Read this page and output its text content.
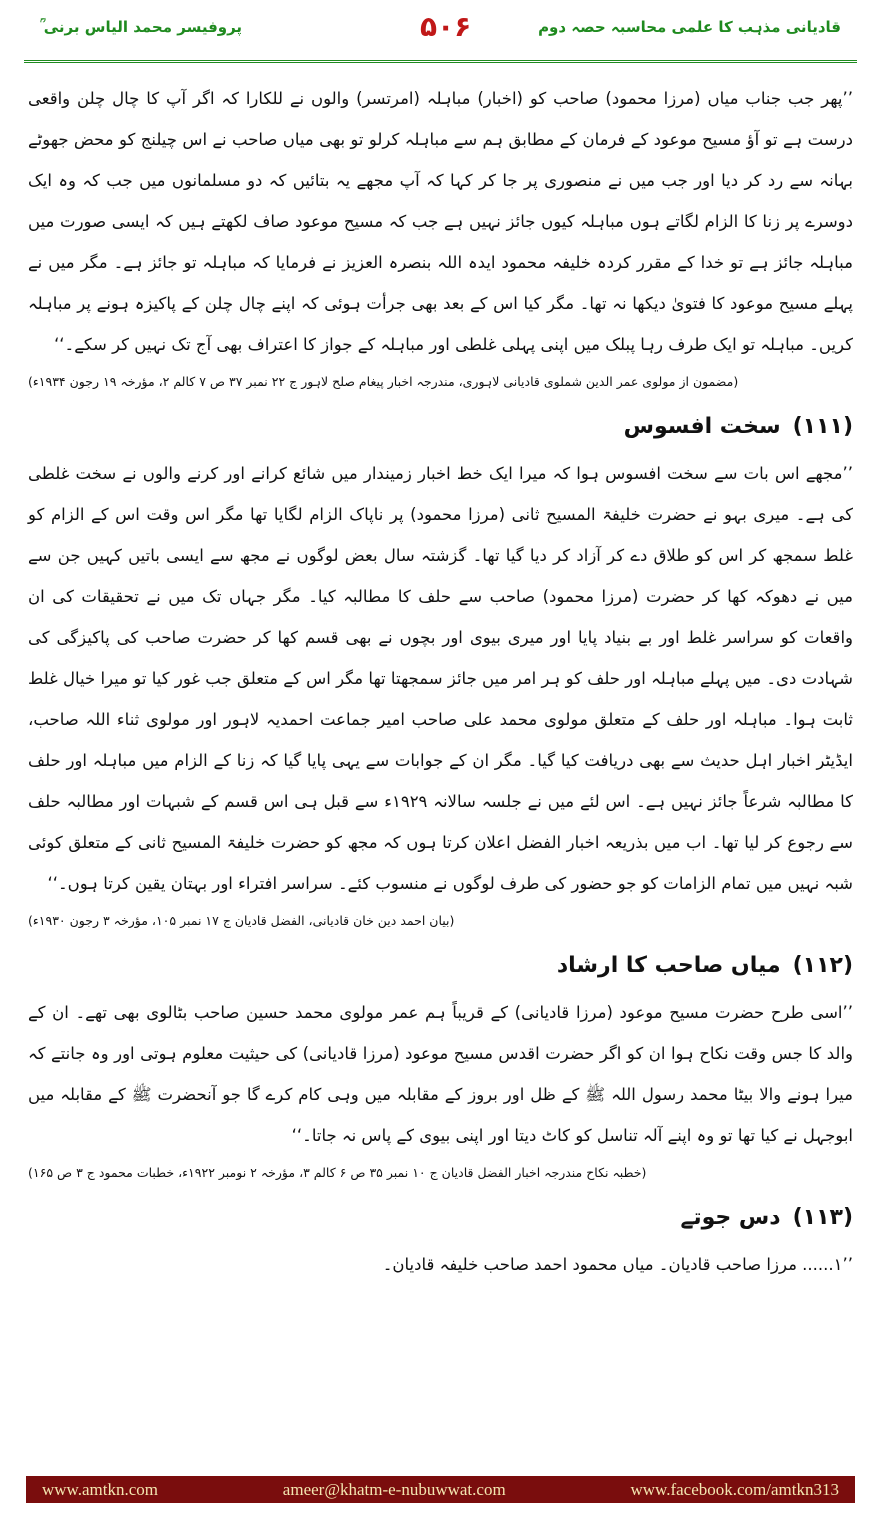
قادیانی مذہب کا علمی محاسبہ حصہ دوم
۵۰۶
پروفیسر محمد الیاس برنی ؒ

’’پھر جب جناب میاں (مرزا محمود) صاحب کو (اخبار) مباہلہ (امرتسر) والوں نے للکارا کہ اگر آپ کا چال چلن واقعی درست ہے تو آؤ مسیح موعود کے فرمان کے مطابق ہم سے مباہلہ کرلو تو بھی میاں صاحب نے اس چیلنج کو محض جھوٹے بہانہ سے رد کر دیا اور جب میں نے منصوری پر جا کر کہا کہ آپ مجھے یہ بتائیں کہ دو مسلمانوں میں جب کہ وہ ایک دوسرے پر زنا کا الزام لگاتے ہوں مباہلہ کیوں جائز نہیں ہے جب کہ مسیح موعود صاف لکھتے ہیں کہ ایسی صورت میں مباہلہ جائز ہے تو خدا کے مقرر کردہ خلیفہ محمود ایدہ اللہ بنصرہ العزیز نے فرمایا کہ مباہلہ تو جائز ہے۔ مگر میں نے پہلے مسیح موعود کا فتویٰ دیکھا نہ تھا۔ مگر کیا اس کے بعد بھی جرأت ہوئی کہ اپنے چال چلن کے پاکیزہ ہونے پر مباہلہ کریں۔ مباہلہ تو ایک طرف رہا پبلک میں اپنی پہلی غلطی اور مباہلہ کے جواز کا اعتراف بھی آج تک نہیں کر سکے۔‘‘

(مضمون از مولوی عمر الدین شملوی قادیانی لاہوری، مندرجہ اخبار پیغام صلح لاہور ج ۲۲ نمبر ۳۷ ص ۷ کالم ۲، مؤرخہ ۱۹ رجون ۱۹۳۴ء)

(۱۱۱)سخت افسوس

’’مجھے اس بات سے سخت افسوس ہوا کہ میرا ایک خط اخبار زمیندار میں شائع کرانے اور کرنے والوں نے سخت غلطی کی ہے۔ میری بہو نے حضرت خلیفۃ المسیح ثانی (مرزا محمود) پر ناپاک الزام لگایا تھا مگر اس وقت اس کے الزام کو غلط سمجھ کر اس کو طلاق دے کر آزاد کر دیا گیا تھا۔ گزشتہ سال بعض لوگوں نے مجھ سے ایسی باتیں کہیں جن سے میں نے دھوکہ کھا کر حضرت (مرزا محمود) صاحب سے حلف کا مطالبہ کیا۔ مگر جہاں تک میں نے تحقیقات کی ان واقعات کو سراسر غلط اور بے بنیاد پایا اور میری بیوی اور بچوں نے بھی قسم کھا کر حضرت صاحب کی پاکیزگی کی شہادت دی۔ میں پہلے مباہلہ اور حلف کو ہر امر میں جائز سمجھتا تھا مگر اس کے متعلق جب غور کیا تو میرا خیال غلط ثابت ہوا۔ مباہلہ اور حلف کے متعلق مولوی محمد علی صاحب امیر جماعت احمدیہ لاہور اور مولوی ثناء اللہ صاحب، ایڈیٹر اخبار اہل حدیث سے بھی دریافت کیا گیا۔ مگر ان کے جوابات سے یہی پایا گیا کہ زنا کے الزام میں مباہلہ اور حلف کا مطالبہ شرعاً جائز نہیں ہے۔ اس لئے میں نے جلسہ سالانہ ۱۹۲۹ء سے قبل ہی اس قسم کے شبہات اور مطالبہ حلف سے رجوع کر لیا تھا۔ اب میں بذریعہ اخبار الفضل اعلان کرتا ہوں کہ مجھ کو حضرت خلیفۃ المسیح ثانی کے متعلق کوئی شبہ نہیں میں تمام الزامات کو جو حضور کی طرف لوگوں نے منسوب کئے۔ سراسر افتراء اور بہتان یقین کرتا ہوں۔‘‘

(بیان احمد دین خان قادیانی، الفضل قادیان ج ۱۷ نمبر ۱۰۵، مؤرخہ ۳ رجون ۱۹۳۰ء)

(۱۱۲)میاں صاحب کا ارشاد

’’اسی طرح حضرت مسیح موعود (مرزا قادیانی) کے قریباً ہم عمر مولوی محمد حسین صاحب بٹالوی بھی تھے۔ ان کے والد کا جس وقت نکاح ہوا ان کو اگر حضرت اقدس مسیح موعود (مرزا قادیانی) کی حیثیت معلوم ہوتی اور وہ جانتے کہ میرا ہونے والا بیٹا محمد رسول اللہ ﷺ کے ظل اور بروز کے مقابلہ میں وہی کام کرے گا جو آنحضرت ﷺ کے مقابلہ میں ابوجہل نے کیا تھا تو وہ اپنے آلہ تناسل کو کاٹ دیتا اور اپنی بیوی کے پاس نہ جاتا۔‘‘

(خطبہ نکاح مندرجہ اخبار الفضل قادیان ج ۱۰ نمبر ۳۵ ص ۶ کالم ۳، مؤرخہ ۲ نومبر ۱۹۲۲ء، خطبات محمود ج ۳ ص ۱۶۵)

(۱۱۳)دس جوتے

’’۱...... مرزا صاحب قادیان۔ میاں محمود احمد صاحب خلیفہ قادیان۔

www.amtkn.com	ameer@khatm-e-nubuwwat.com	www.facebook.com/amtkn313
